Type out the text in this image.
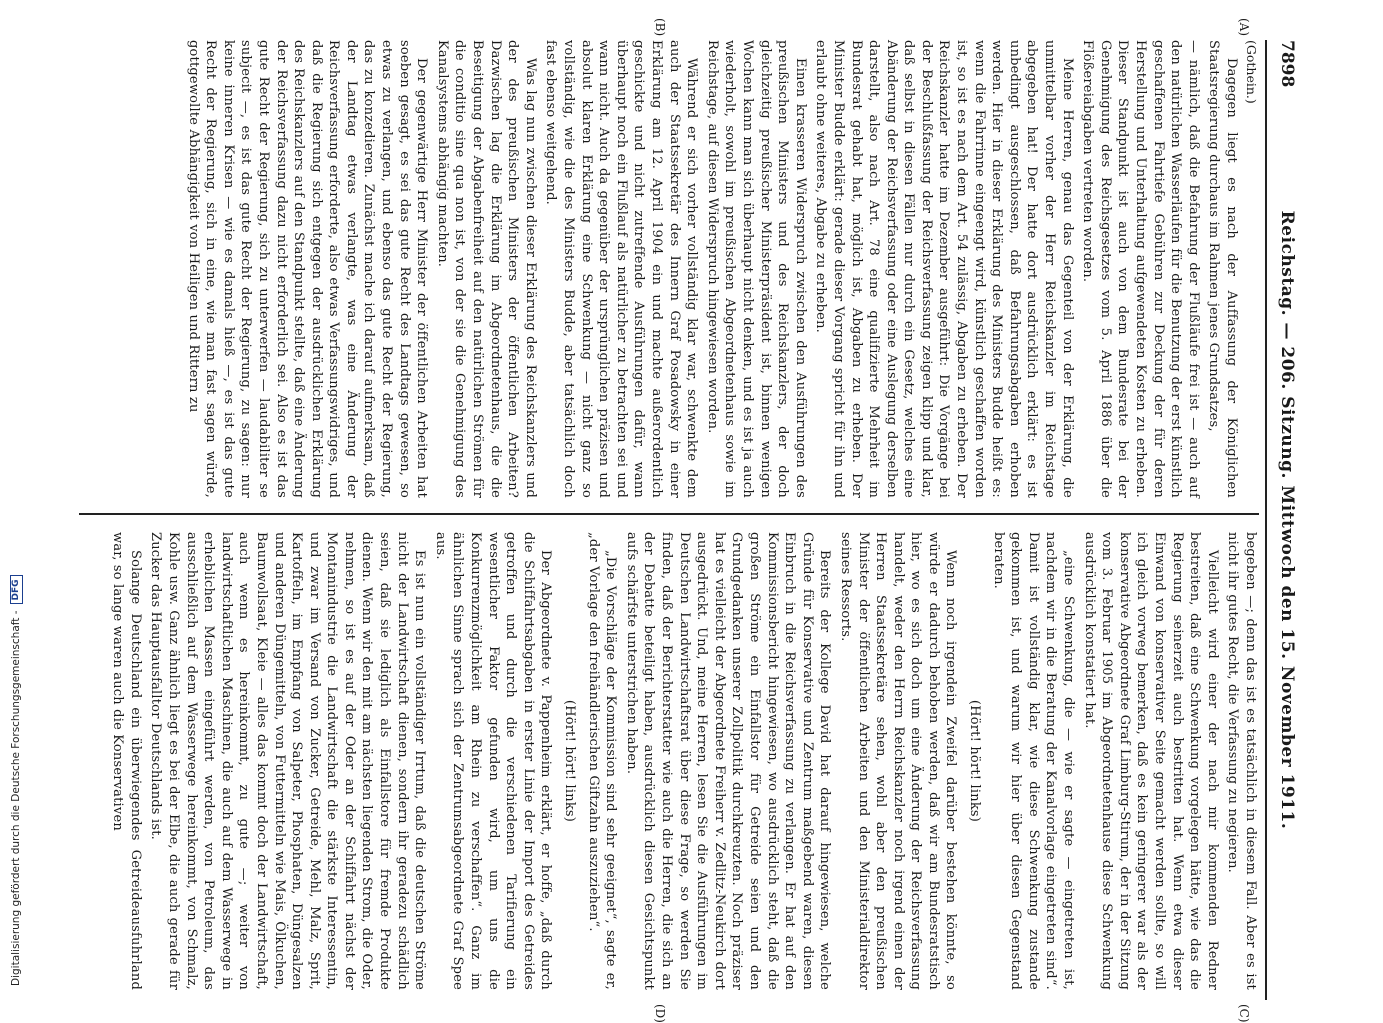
7898
Reichstag. — 206. Sitzung. Mittwoch den 15. November 1911.
(Gothein.)

Dagegen liegt es nach der Auffassung der Königlichen Staatsregierung durchaus im Rahmen jenes Grundsatzes,

— nämlich, daß die Befahrung der Flußläufe frei ist — auch auf den natürlichen Wasserläufen für die Benutzung der erst künstlich geschaffenen Fahrtiefe Gebühren zur Deckung der für deren Herstellung und Unterhaltung aufgewendeten Kosten zu erheben. Dieser Standpunkt ist auch von dem Bundesrate bei der Genehmigung des Reichsgesetzes vom 5. April 1886 über die Flößereiabgaben vertreten worden.

Meine Herren, genau das Gegenteil von der Erklärung, die unmittelbar vorher der Herr Reichskanzler im Reichstage abgegeben hat! Der hatte dort ausdrücklich erklärt: es ist unbedingt ausgeschlossen, daß Befahrungsabgaben erhoben werden. Hier in dieser Erklärung des Ministers Budde heißt es: wenn die Fahrrinne eingeengt wird, künstlich geschaffen worden ist, so ist es nach dem Art. 54 zulässig, Abgaben zu erheben. Der Reichskanzler hatte im Dezember ausgeführt: Die Vorgänge bei der Beschlußfassung der Reichsverfassung zeigen klipp und klar, daß selbst in diesen Fällen nur durch ein Gesetz, welches eine Abänderung der Reichsverfassung oder eine Auslegung derselben darstellt, also nach Art. 78 eine qualifizierte Mehrheit im Bundesrat gehabt hat, möglich ist, Abgaben zu erheben. Der Minister Budde erklärt: gerade dieser Vorgang spricht für ihn und erlaubt ohne weiteres, Abgabe zu erheben.

Einen krasseren Widerspruch zwischen den Ausführungen des preußischen Ministers und des Reichskanzlers, der doch gleichzeitig preußischer Ministerpräsident ist, binnen wenigen Wochen kann man sich überhaupt nicht denken, und es ist ja auch wiederholt, sowohl im preußischen Abgeordnetenhaus sowie im Reichstage, auf diesen Widerspruch hingewiesen worden.

Während er sich vorher vollständig klar war, schwenkte dem auch der Staatssekretär des Innern Graf Posadowsky in einer Erklärung am 12. April 1904 ein und machte außerordentlich geschickte und nicht zutreffende Ausführungen dafür, wann überhaupt noch ein Flußlauf als natürlicher zu betrachten sei und wann nicht. Auch da gegenüber der ursprünglichen präzisen und absolut klaren Erklärung eine Schwenkung — nicht ganz so vollständig, wie die des Ministers Budde, aber tatsächlich doch fast ebenso weitgehend.

Was lag nun zwischen dieser Erklärung des Reichskanzlers und der des preußischen Ministers der öffentlichen Arbeiten? Dazwischen lag die Erklärung im Abgeordnetenhaus, die die Beseitigung der Abgabenfreiheit auf den natürlichen Strömen für die conditio sine qua non ist, von der sie die Genehmigung des Kanalsystems abhängig machten.

Der gegenwärtige Herr Minister der öffentlichen Arbeiten hat soeben gesagt, es sei das gute Recht des Landtags gewesen, so etwas zu verlangen, und ebenso das gute Recht der Regierung, das zu konzedieren. Zunächst mache ich darauf aufmerksam, daß der Landtag etwas verlangte, was eine Änderung der Reichsverfassung erforderte, also etwas Verfassungswidriges, und daß die Regierung sich entgegen der ausdrücklichen Erklärung des Reichskanzlers auf den Standpunkt stellte, daß eine Änderung der Reichsverfassung dazu nicht erforderlich sei. Also es ist das gute Recht der Regierung, sich zu unterwerfen — laudabiliter se subjecit —, es ist das gute Recht der Regierung, zu sagen: nur keine inneren Krisen — wie es damals hieß —, es ist das gute Recht der Regierung, sich in eine, wie man fast sagen würde, gottgewollte Abhängigkeit von Heiligen und Rittern zu

begeben —; denn das ist es tatsächlich in diesem Fall. Aber es ist nicht ihr gutes Recht, die Verfassung zu negieren.

Vielleicht wird einer der nach mir kommenden Redner bestreiten, daß eine Schwenkung vorgelegen hätte, wie das die Regierung seinerzeit auch bestritten hat. Wenn etwa dieser Einwand von konservativer Seite gemacht werden sollte, so will ich gleich vorweg bemerken, daß es kein geringerer war als der konservative Abgeordnete Graf Limburg-Stirum, der in der Sitzung vom 3. Februar 1905 im Abgeordnetenhause diese Schwenkung ausdrücklich konstatiert hat.

„eine Schwenkung, die — wie er sagte — eingetreten ist, nachdem wir in die Beratung der Kanalvorlage eingetreten sind“. Damit ist vollständig klar, wie diese Schwenkung zustande gekommen ist, und warum wir hier über diesen Gegenstand beraten.

(Hört! hört! links)

Wenn noch irgendein Zweifel darüber bestehen könnte, so würde er dadurch behoben werden, daß wir am Bundesratstisch hier, wo es sich doch um eine Änderung der Reichsverfassung handelt, weder den Herrn Reichskanzler noch irgend einen der Herren Staatssekretäre sehen, wohl aber den preußischen Minister der öffentlichen Arbeiten und den Ministerialdirektor seines Ressorts.

Bereits der Kollege David hat darauf hingewiesen, welche Gründe für Konservative und Zentrum maßgebend waren, diesen Einbruch in die Reichsverfassung zu verlangen. Er hat auf den Kommissionsbericht hingewiesen, wo ausdrücklich steht, daß die großen Ströme ein Einfallstor für Getreide seien und den Grundgedanken unserer Zollpolitik durchkreuzten. Noch präziser hat es vielleicht der Abgeordnete Freiherr v. Zedlitz-Neukirch dort ausgedrückt. Und, meine Herren, lesen Sie die Ausführungen im Deutschen Landwirtschaftsrat über diese Frage, so werden Sie finden, daß der Berichterstatter wie auch die Herren, die sich an der Debatte beteiligt haben, ausdrücklich diesen Gesichtspunkt aufs schärfste unterstrichen haben.

„Die Vorschläge der Kommission sind sehr geeignet“, sagte er, „der Vorlage den freihändlerischen Giftzahn auszuziehen“.

(Hört! hört! links)

Der Abgeordnete v. Pappenheim erklärt, er hoffe, „daß durch die Schiffahrtsabgaben in erster Linie der Import des Getreides getroffen und durch die verschiedenen Tarifierung ein wesentlicher Faktor gefunden wird, um uns die Konkurrenzmöglichkeit am Rhein zu verschaffen“. Ganz im ähnlichen Sinne sprach sich der Zentrumsabgeordnete Graf Spee aus.

Es ist nun ein vollständiger Irrtum, daß die deutschen Ströme nicht der Landwirtschaft dienen, sondern ihr geradezu schädlich seien, daß sie lediglich als Einfallstore für fremde Produkte dienen. Wenn wir den mit am nächsten liegenden Strom, die Oder, nehmen, so ist es auf der Oder an der Schiffahrt nächst der Montanindustrie die Landwirtschaft die stärkste Interessentin, und zwar im Versand von Zucker, Getreide, Mehl, Malz, Sprit, Kartoffeln, im Empfang von Salpeter, Phosphaten, Düngesalzen und anderen Düngemitteln, von Futtermitteln wie Mais, Ölkuchen, Baumwollsaat, Kleie — alles das kommt doch der Landwirtschaft, auch wenn es hereinkommt, zu gute —; weiter von landwirtschaftlichen Maschinen, die auch auf dem Wasserwege in erheblichen Massen eingeführt werden, von Petroleum, das ausschließlich auf dem Wasserwege hereinkommt, von Schmalz, Kohle usw. Ganz ähnlich liegt es bei der Elbe, die auch gerade für Zucker das Hauptausfalltor Deutschlands ist.

Solange Deutschland ein überwiegendes Getreideausfuhrland war, so lange waren auch die Konservativen

(A)
(B)
(C)
(D)
Digitalisierung gefördert durch die Deutsche Forschungsgemeinschaft -
DFG
